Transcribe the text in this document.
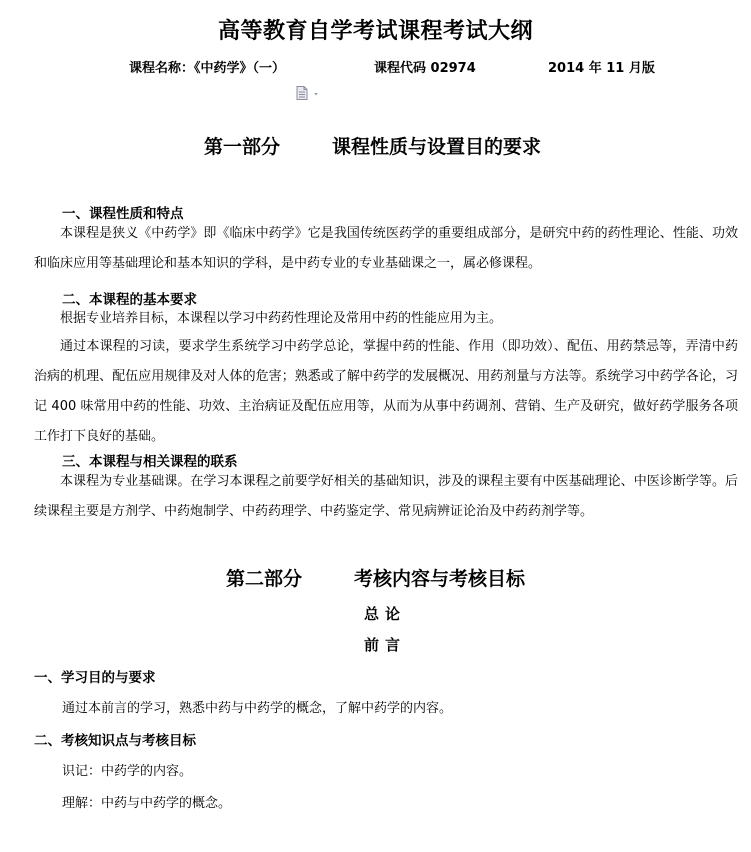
高等教育自学考试课程考试大纲
课程名称：《中药学》（一）	课程代码 02974	2014 年 11 月版
第一部分	课程性质与设置目的要求
一、课程性质和特点
本课程是狭义《中药学》即《临床中药学》它是我国传统医药学的重要组成部分，是研究中药的药性理论、性能、功效和临床应用等基础理论和基本知识的学科，是中药专业的专业基础课之一，属必修课程。
二、本课程的基本要求
根据专业培养目标，本课程以学习中药药性理论及常用中药的性能应用为主。
通过本课程的习读，要求学生系统学习中药学总论，掌握中药的性能、作用（即功效）、配伍、用药禁忌等，弄清中药治病的机理、配伍应用规律及对人体的危害；熟悉或了解中药学的发展概况、用药剂量与方法等。系统学习中药学各论，习记 400 味常用中药的性能、功效、主治病证及配伍应用等，从而为从事中药调剂、营销、生产及研究，做好药学服务各项工作打下良好的基础。
三、本课程与相关课程的联系
本课程为专业基础课。在学习本课程之前要学好相关的基础知识，涉及的课程主要有中医基础理论、中医诊断学等。后续课程主要是方剂学、中药炮制学、中药药理学、中药鉴定学、常见病辨证论治及中药药剂学等。
第二部分	考核内容与考核目标
总论
前言
一、学习目的与要求
通过本前言的学习，熟悉中药与中药学的概念，了解中药学的内容。
二、考核知识点与考核目标
识记：中药学的内容。
理解：中药与中药学的概念。
